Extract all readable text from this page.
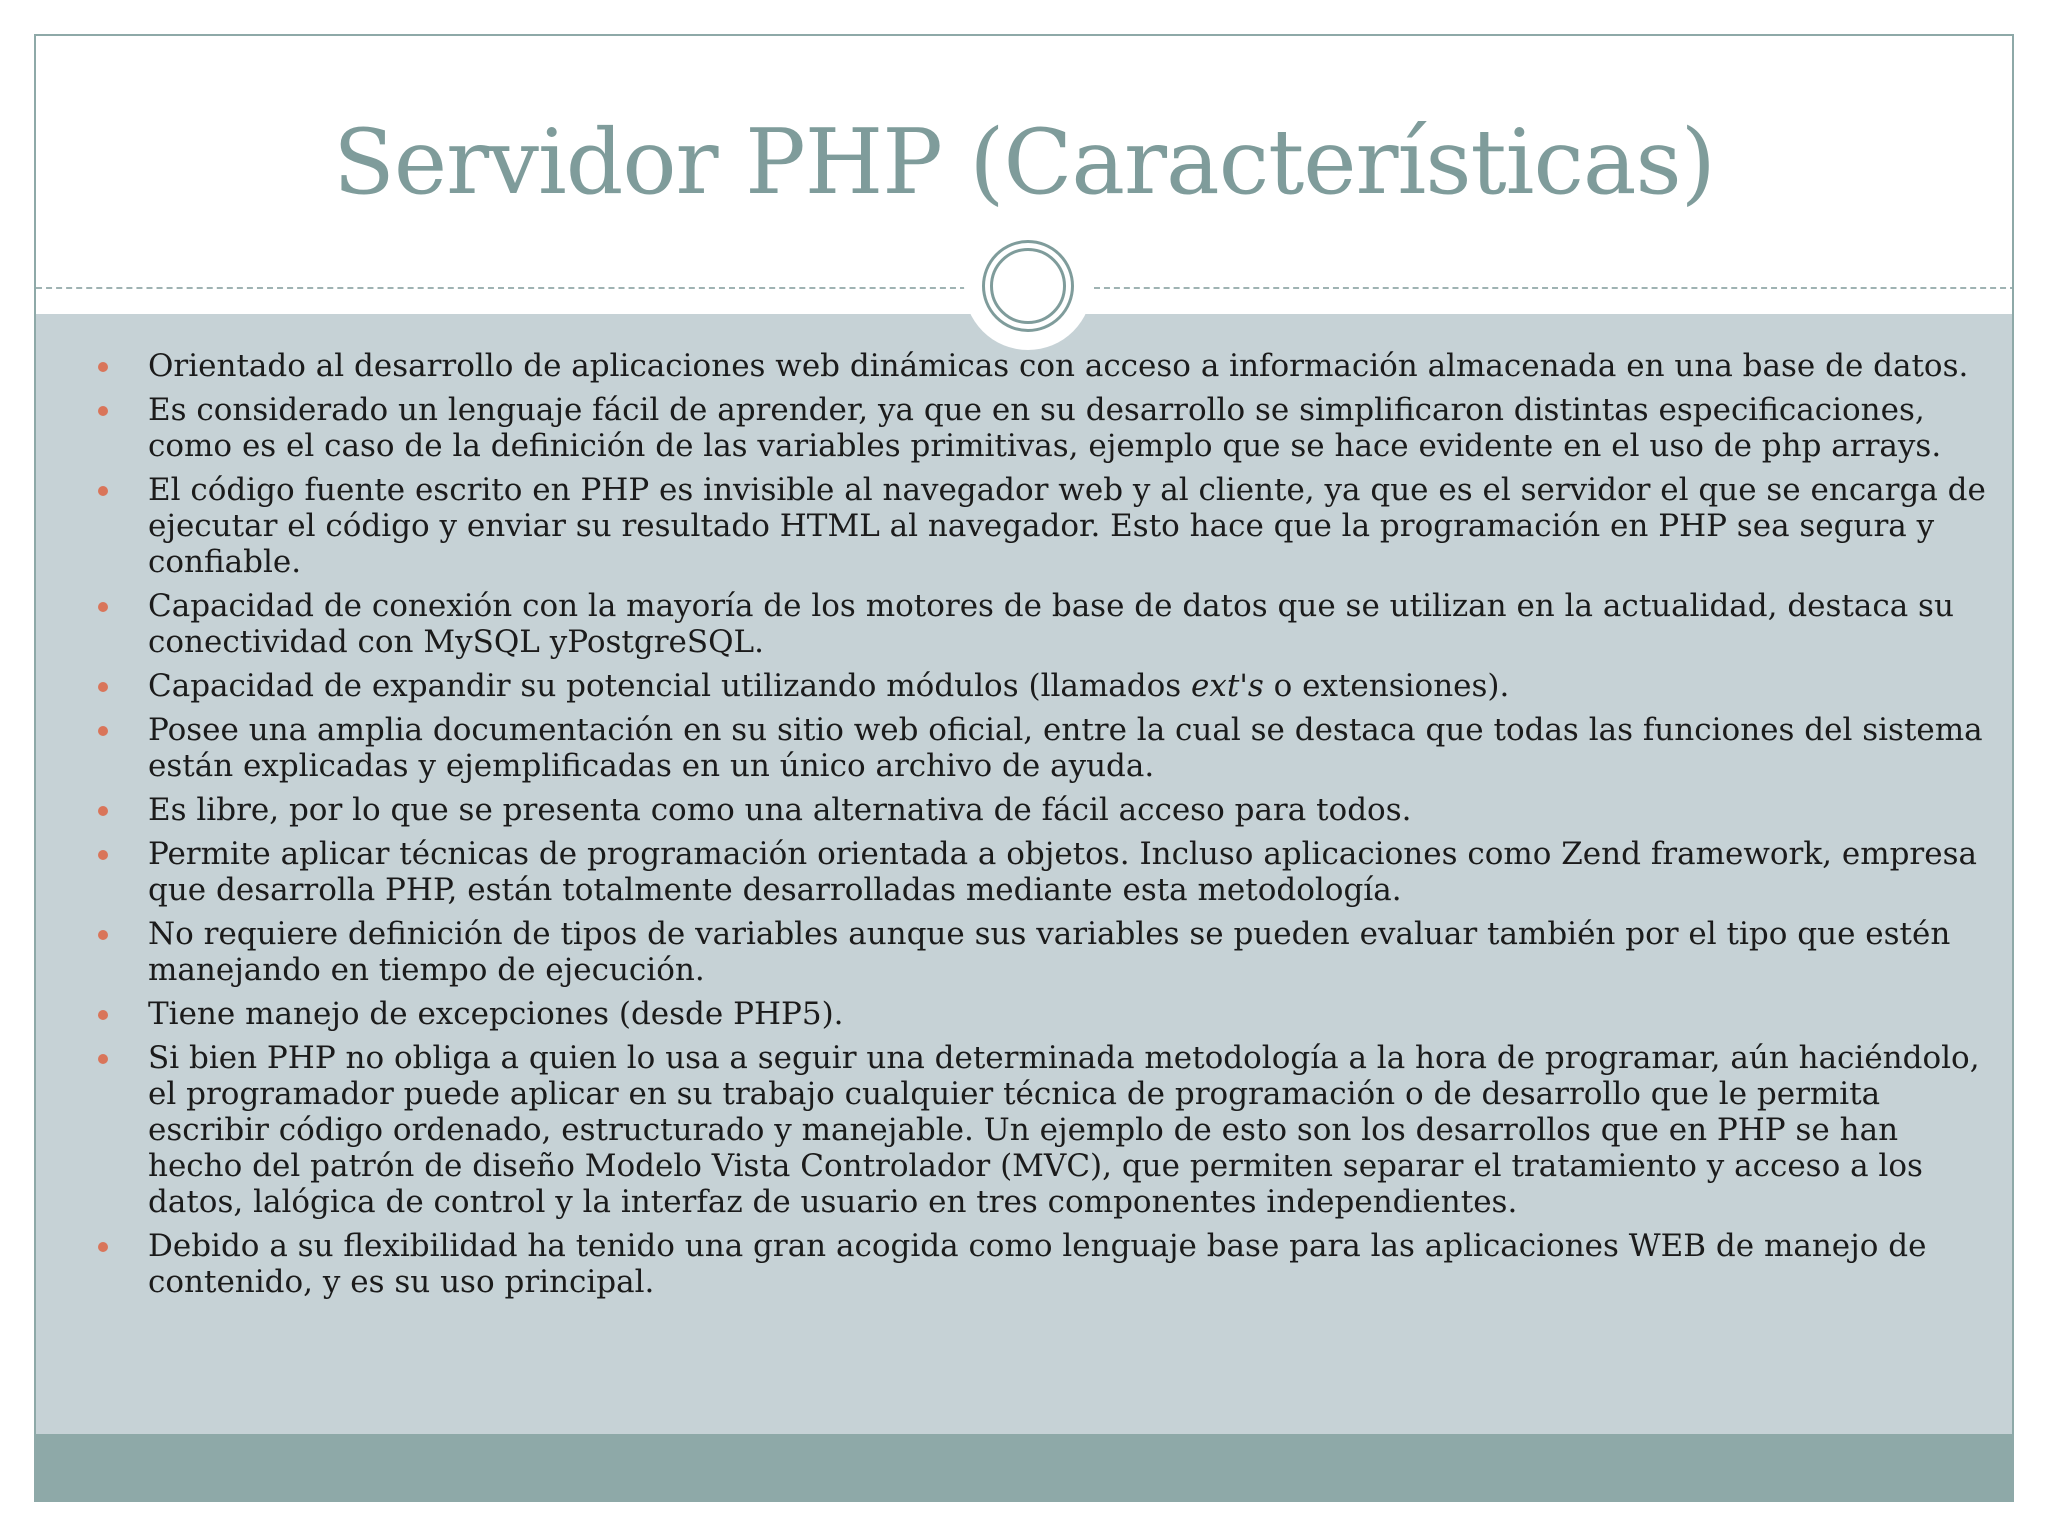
Servidor PHP (Características)
Orientado al desarrollo de aplicaciones web dinámicas con acceso a información almacenada en una base de datos.
Es considerado un lenguaje fácil de aprender, ya que en su desarrollo se simplificaron distintas especificaciones, como es el caso de la definición de las variables primitivas, ejemplo que se hace evidente en el uso de php arrays.
El código fuente escrito en PHP es invisible al navegador web y al cliente, ya que es el servidor el que se encarga de ejecutar el código y enviar su resultado HTML al navegador. Esto hace que la programación en PHP sea segura y confiable.
Capacidad de conexión con la mayoría de los motores de base de datos que se utilizan en la actualidad, destaca su conectividad con MySQL yPostgreSQL.
Capacidad de expandir su potencial utilizando módulos (llamados ext's o extensiones).
Posee una amplia documentación en su sitio web oficial, entre la cual se destaca que todas las funciones del sistema están explicadas y ejemplificadas en un único archivo de ayuda.
Es libre, por lo que se presenta como una alternativa de fácil acceso para todos.
Permite aplicar técnicas de programación orientada a objetos. Incluso aplicaciones como Zend framework, empresa que desarrolla PHP, están totalmente desarrolladas mediante esta metodología.
No requiere definición de tipos de variables aunque sus variables se pueden evaluar también por el tipo que estén manejando en tiempo de ejecución.
Tiene manejo de excepciones (desde PHP5).
Si bien PHP no obliga a quien lo usa a seguir una determinada metodología a la hora de programar, aún haciéndolo, el programador puede aplicar en su trabajo cualquier técnica de programación o de desarrollo que le permita escribir código ordenado, estructurado y manejable. Un ejemplo de esto son los desarrollos que en PHP se han hecho del patrón de diseño Modelo Vista Controlador (MVC), que permiten separar el tratamiento y acceso a los datos, lalógica de control y la interfaz de usuario en tres componentes independientes.
Debido a su flexibilidad ha tenido una gran acogida como lenguaje base para las aplicaciones WEB de manejo de contenido, y es su uso principal.
